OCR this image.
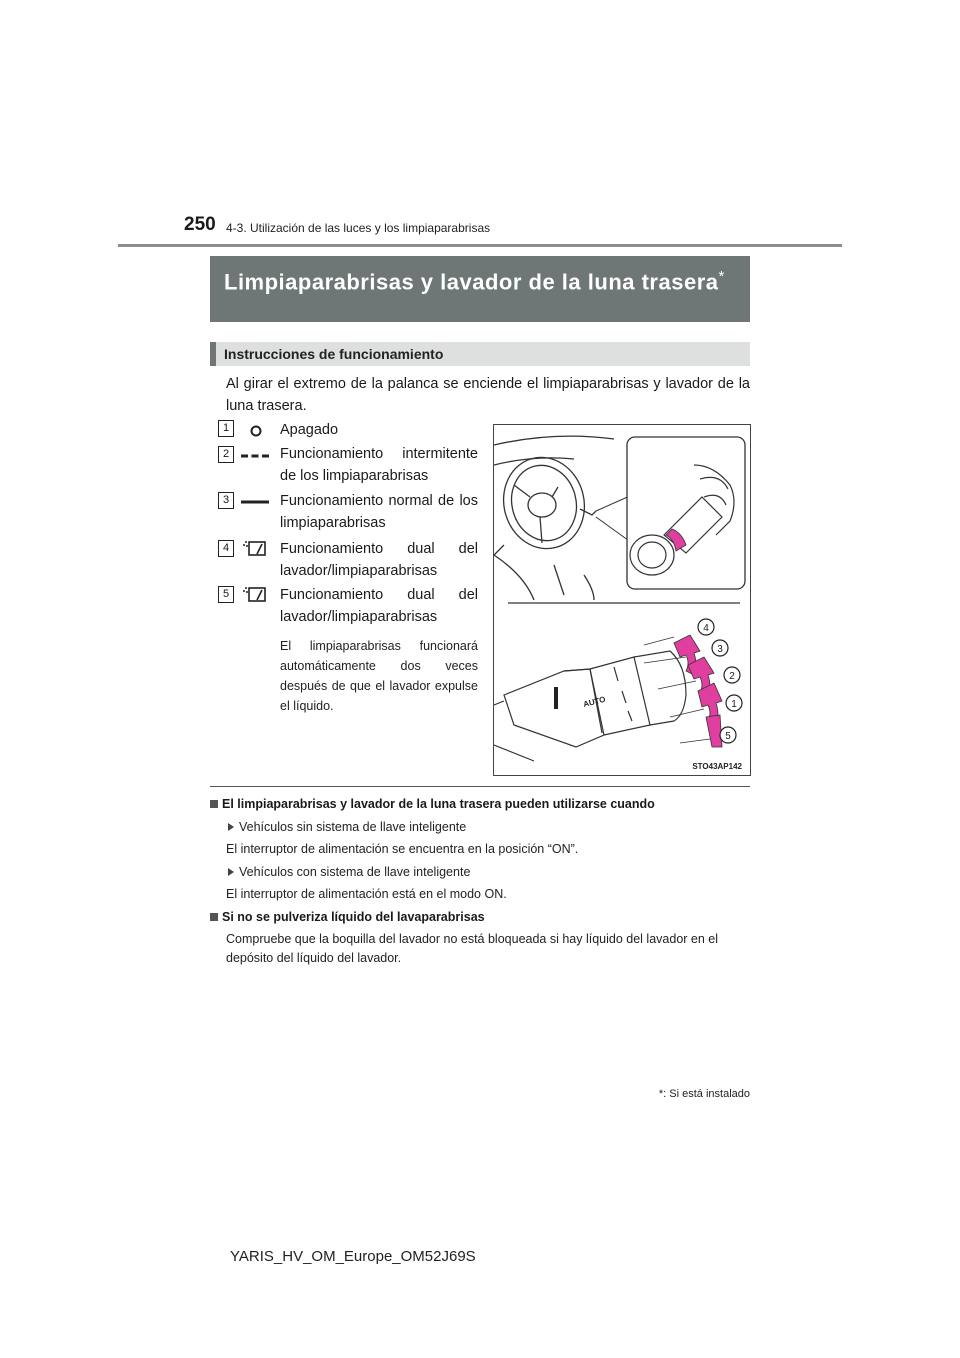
250 4-3. Utilización de las luces y los limpiaparabrisas
Limpiaparabrisas y lavador de la luna trasera*
Instrucciones de funcionamiento
Al girar el extremo de la palanca se enciende el limpiaparabrisas y lavador de la luna trasera.
1	Apagado
2	Funcionamiento intermitente de los limpiaparabrisas
3	Funcionamiento normal de los limpiaparabrisas
4	Funcionamiento dual del lavador/limpiaparabrisas
5	Funcionamiento dual del lavador/limpiaparabrisas
El limpiaparabrisas funcionará automáticamente dos veces después de que el lavador expulse el líquido.	AUTO
4
3
2
1
5
STO43AP142
El limpiaparabrisas y lavador de la luna trasera pueden utilizarse cuando
Vehículos sin sistema de llave inteligente
El interruptor de alimentación se encuentra en la posición “ON”.
Vehículos con sistema de llave inteligente
El interruptor de alimentación está en el modo ON.
Si no se pulveriza líquido del lavaparabrisas
Compruebe que la boquilla del lavador no está bloqueada si hay líquido del lavador en el depósito del líquido del lavador.
*: Si está instalado
YARIS_HV_OM_Europe_OM52J69S
